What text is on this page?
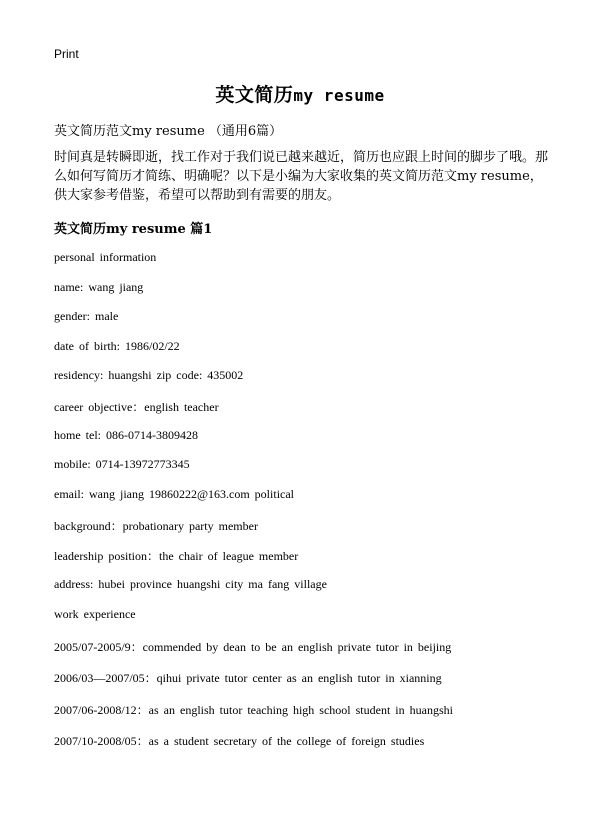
Print
英文简历my resume
英文简历范文my resume （通用6篇）
时间真是转瞬即逝，找工作对于我们说已越来越近，简历也应跟上时间的脚步了哦。那么如何写简历才简练、明确呢？以下是小编为大家收集的英文简历范文my resume，供大家参考借鉴，希望可以帮助到有需要的朋友。
英文简历my resume 篇1
personal information
name: wang jiang
gender: male
date of birth: 1986/02/22
residency: huangshi zip code: 435002
career objective：english teacher
home tel: 086-0714-3809428
mobile: 0714-13972773345
email: wang jiang 19860222@163.com political
background：probationary party member
leadership position：the chair of league member
address: hubei province huangshi city ma fang village
work experience
2005/07-2005/9：commended by dean to be an english private tutor in beijing
2006/03—2007/05：qihui private tutor center as an english tutor in xianning
2007/06-2008/12：as an english tutor teaching high school student in huangshi
2007/10-2008/05：as a student secretary of the college of foreign studies
